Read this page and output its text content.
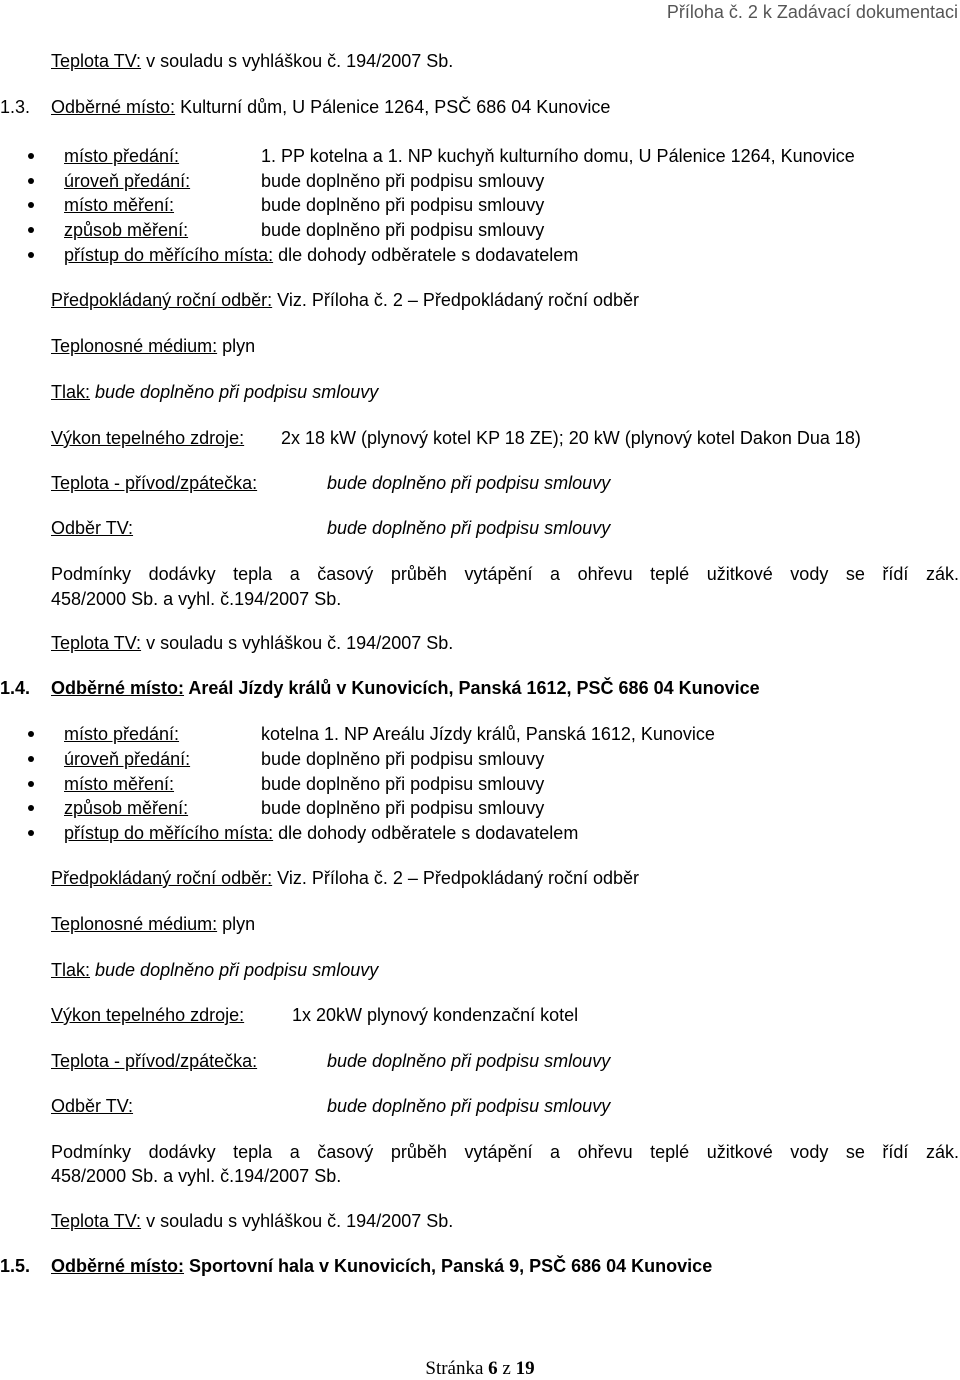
Příloha č. 2 k Zadávací dokumentaci
Teplota TV: v souladu s vyhláškou č. 194/2007 Sb.
1.3. Odběrné místo: Kulturní dům, U Pálenice 1264, PSČ 686 04 Kunovice
místo předání:	1. PP kotelna a 1. NP kuchyň kulturního domu, U Pálenice 1264, Kunovice
úroveň předání:	bude doplněno při podpisu smlouvy
místo měření:	bude doplněno při podpisu smlouvy
způsob měření:	bude doplněno při podpisu smlouvy
přístup do měřícího místa: dle dohody odběratele s dodavatelem
Předpokládaný roční odběr: Viz. Příloha č. 2 – Předpokládaný roční odběr
Teplonosné médium: plyn
Tlak: bude doplněno při podpisu smlouvy
Výkon tepelného zdroje: 2x 18 kW (plynový kotel KP 18 ZE); 20 kW (plynový kotel Dakon Dua 18)
Teplota - přívod/zpátečka:	bude doplněno při podpisu smlouvy
Odběr TV:	bude doplněno při podpisu smlouvy
Podmínky dodávky tepla a časový průběh vytápění a ohřevu teplé užitkové vody se řídí zák.
458/2000 Sb. a vyhl. č.194/2007 Sb.
Teplota TV: v souladu s vyhláškou č. 194/2007 Sb.
1.4. Odběrné místo: Areál Jízdy králů v Kunovicích, Panská 1612, PSČ 686 04 Kunovice
místo předání:	kotelna 1. NP Areálu Jízdy králů, Panská 1612, Kunovice
úroveň předání:	bude doplněno při podpisu smlouvy
místo měření:	bude doplněno při podpisu smlouvy
způsob měření:	bude doplněno při podpisu smlouvy
přístup do měřícího místa: dle dohody odběratele s dodavatelem
Předpokládaný roční odběr: Viz. Příloha č. 2 – Předpokládaný roční odběr
Teplonosné médium: plyn
Tlak: bude doplněno při podpisu smlouvy
Výkon tepelného zdroje:	1x 20kW plynový kondenzační kotel
Teplota - přívod/zpátečka:	bude doplněno při podpisu smlouvy
Odběr TV:	bude doplněno při podpisu smlouvy
Podmínky dodávky tepla a časový průběh vytápění a ohřevu teplé užitkové vody se řídí zák.
458/2000 Sb. a vyhl. č.194/2007 Sb.
Teplota TV: v souladu s vyhláškou č. 194/2007 Sb.
1.5. Odběrné místo: Sportovní hala v Kunovicích, Panská 9, PSČ 686 04 Kunovice
Stránka 6 z 19
